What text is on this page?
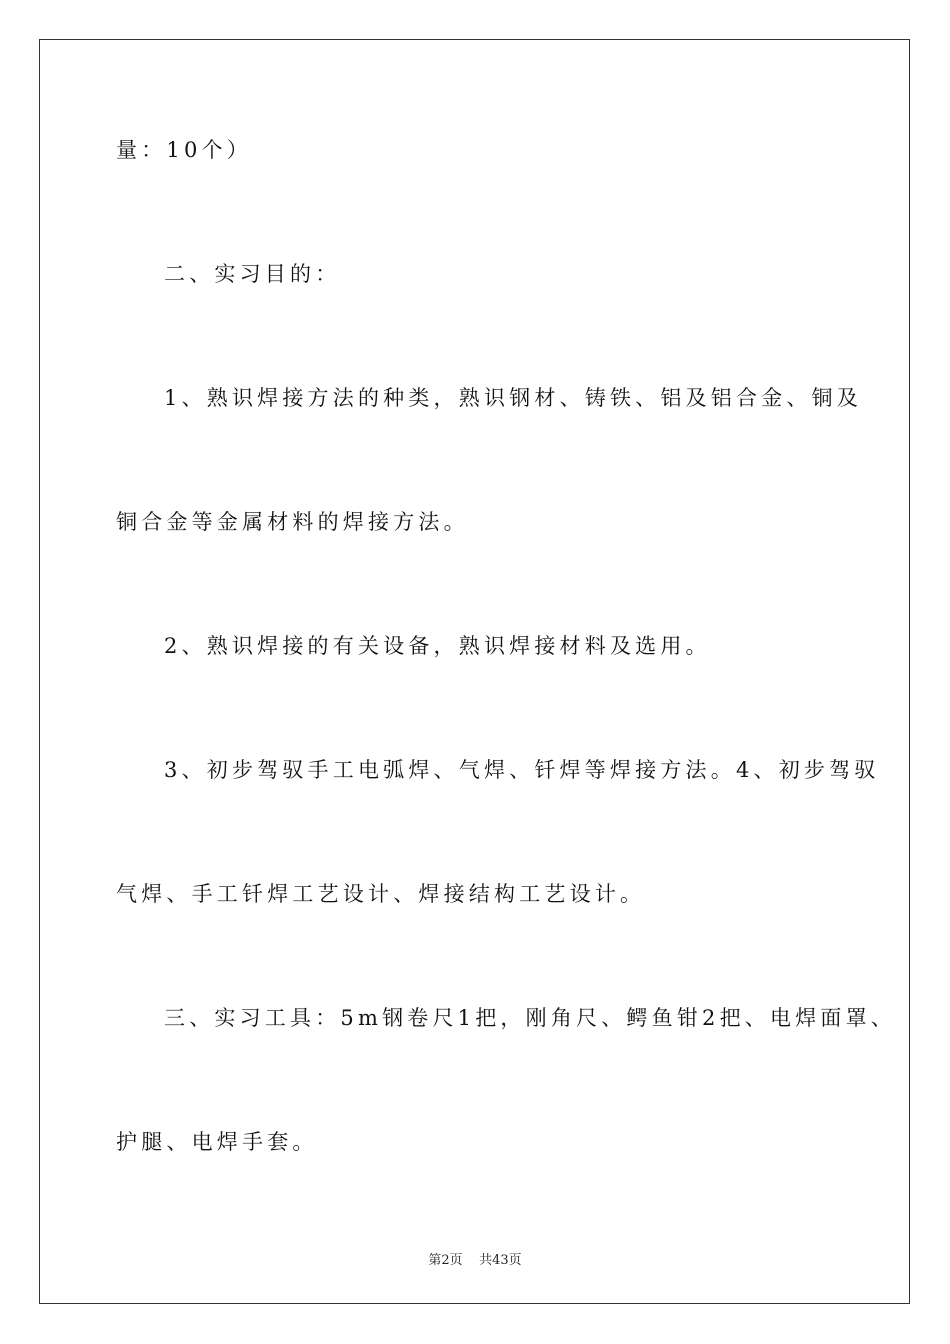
量：10个）
二、实习目的：
1、熟识焊接方法的种类，熟识钢材、铸铁、铝及铝合金、铜及
铜合金等金属材料的焊接方法。
2、熟识焊接的有关设备，熟识焊接材料及选用。
3、初步驾驭手工电弧焊、气焊、钎焊等焊接方法。4、初步驾驭
气焊、手工钎焊工艺设计、焊接结构工艺设计。
三、实习工具：5m钢卷尺1把，刚角尺、鳄鱼钳2把、电焊面罩、
护腿、电焊手套。
第2页 共43页
